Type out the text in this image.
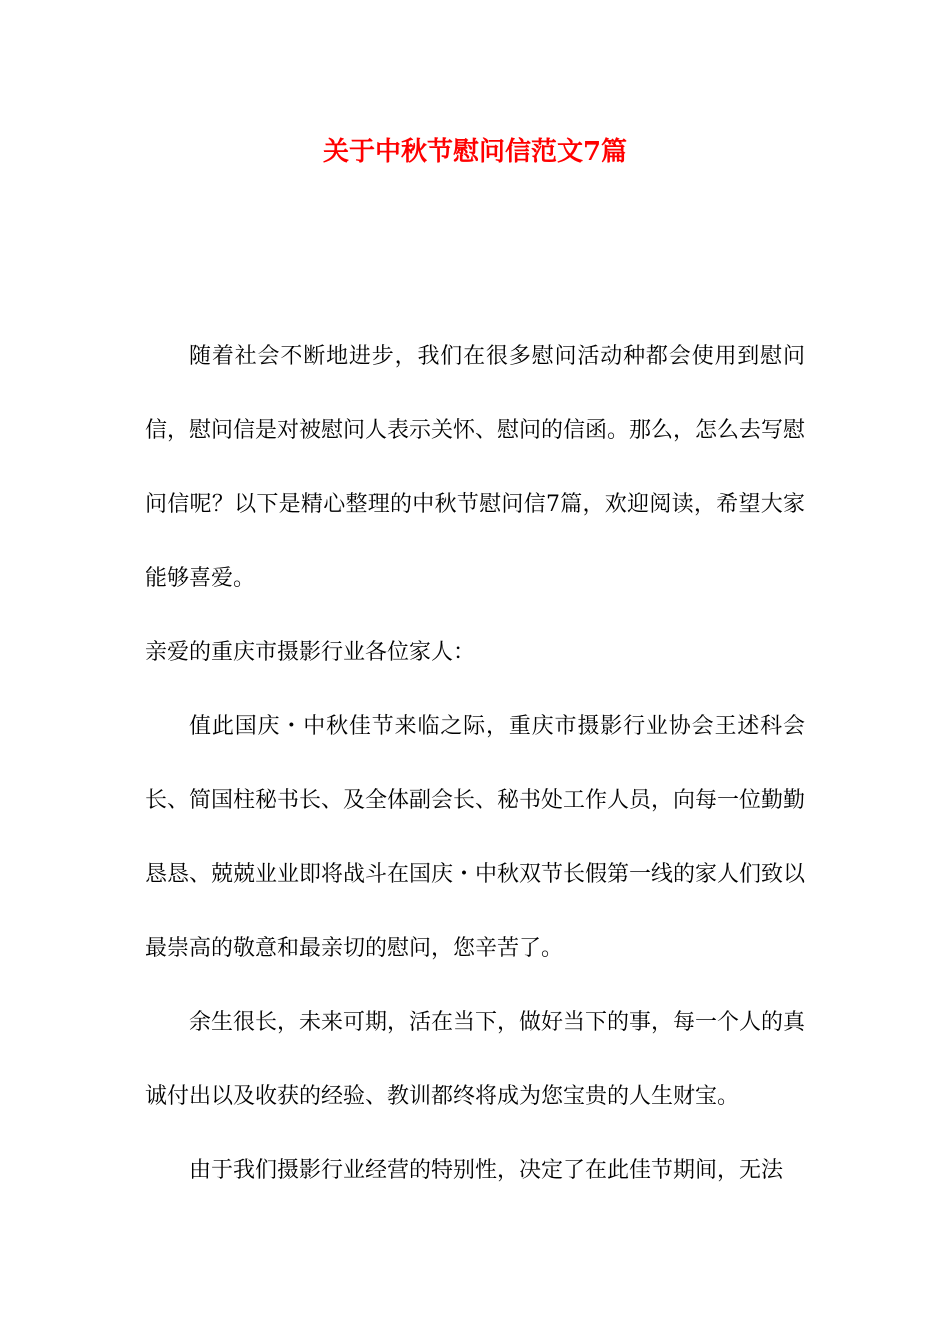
关于中秋节慰问信范文7篇

随着社会不断地进步，我们在很多慰问活动种都会使用到慰问信，慰问信是对被慰问人表示关怀、慰问的信函。那么，怎么去写慰问信呢？以下是精心整理的中秋节慰问信7篇，欢迎阅读，希望大家能够喜爱。

亲爱的重庆市摄影行业各位家人：

值此国庆・中秋佳节来临之际，重庆市摄影行业协会王述科会长、简国柱秘书长、及全体副会长、秘书处工作人员，向每一位勤勤恳恳、兢兢业业即将战斗在国庆・中秋双节长假第一线的家人们致以最崇高的敬意和最亲切的慰问，您辛苦了。

余生很长，未来可期，活在当下，做好当下的事，每一个人的真诚付出以及收获的经验、教训都终将成为您宝贵的人生财宝。

由于我们摄影行业经营的特别性，决定了在此佳节期间，无法
